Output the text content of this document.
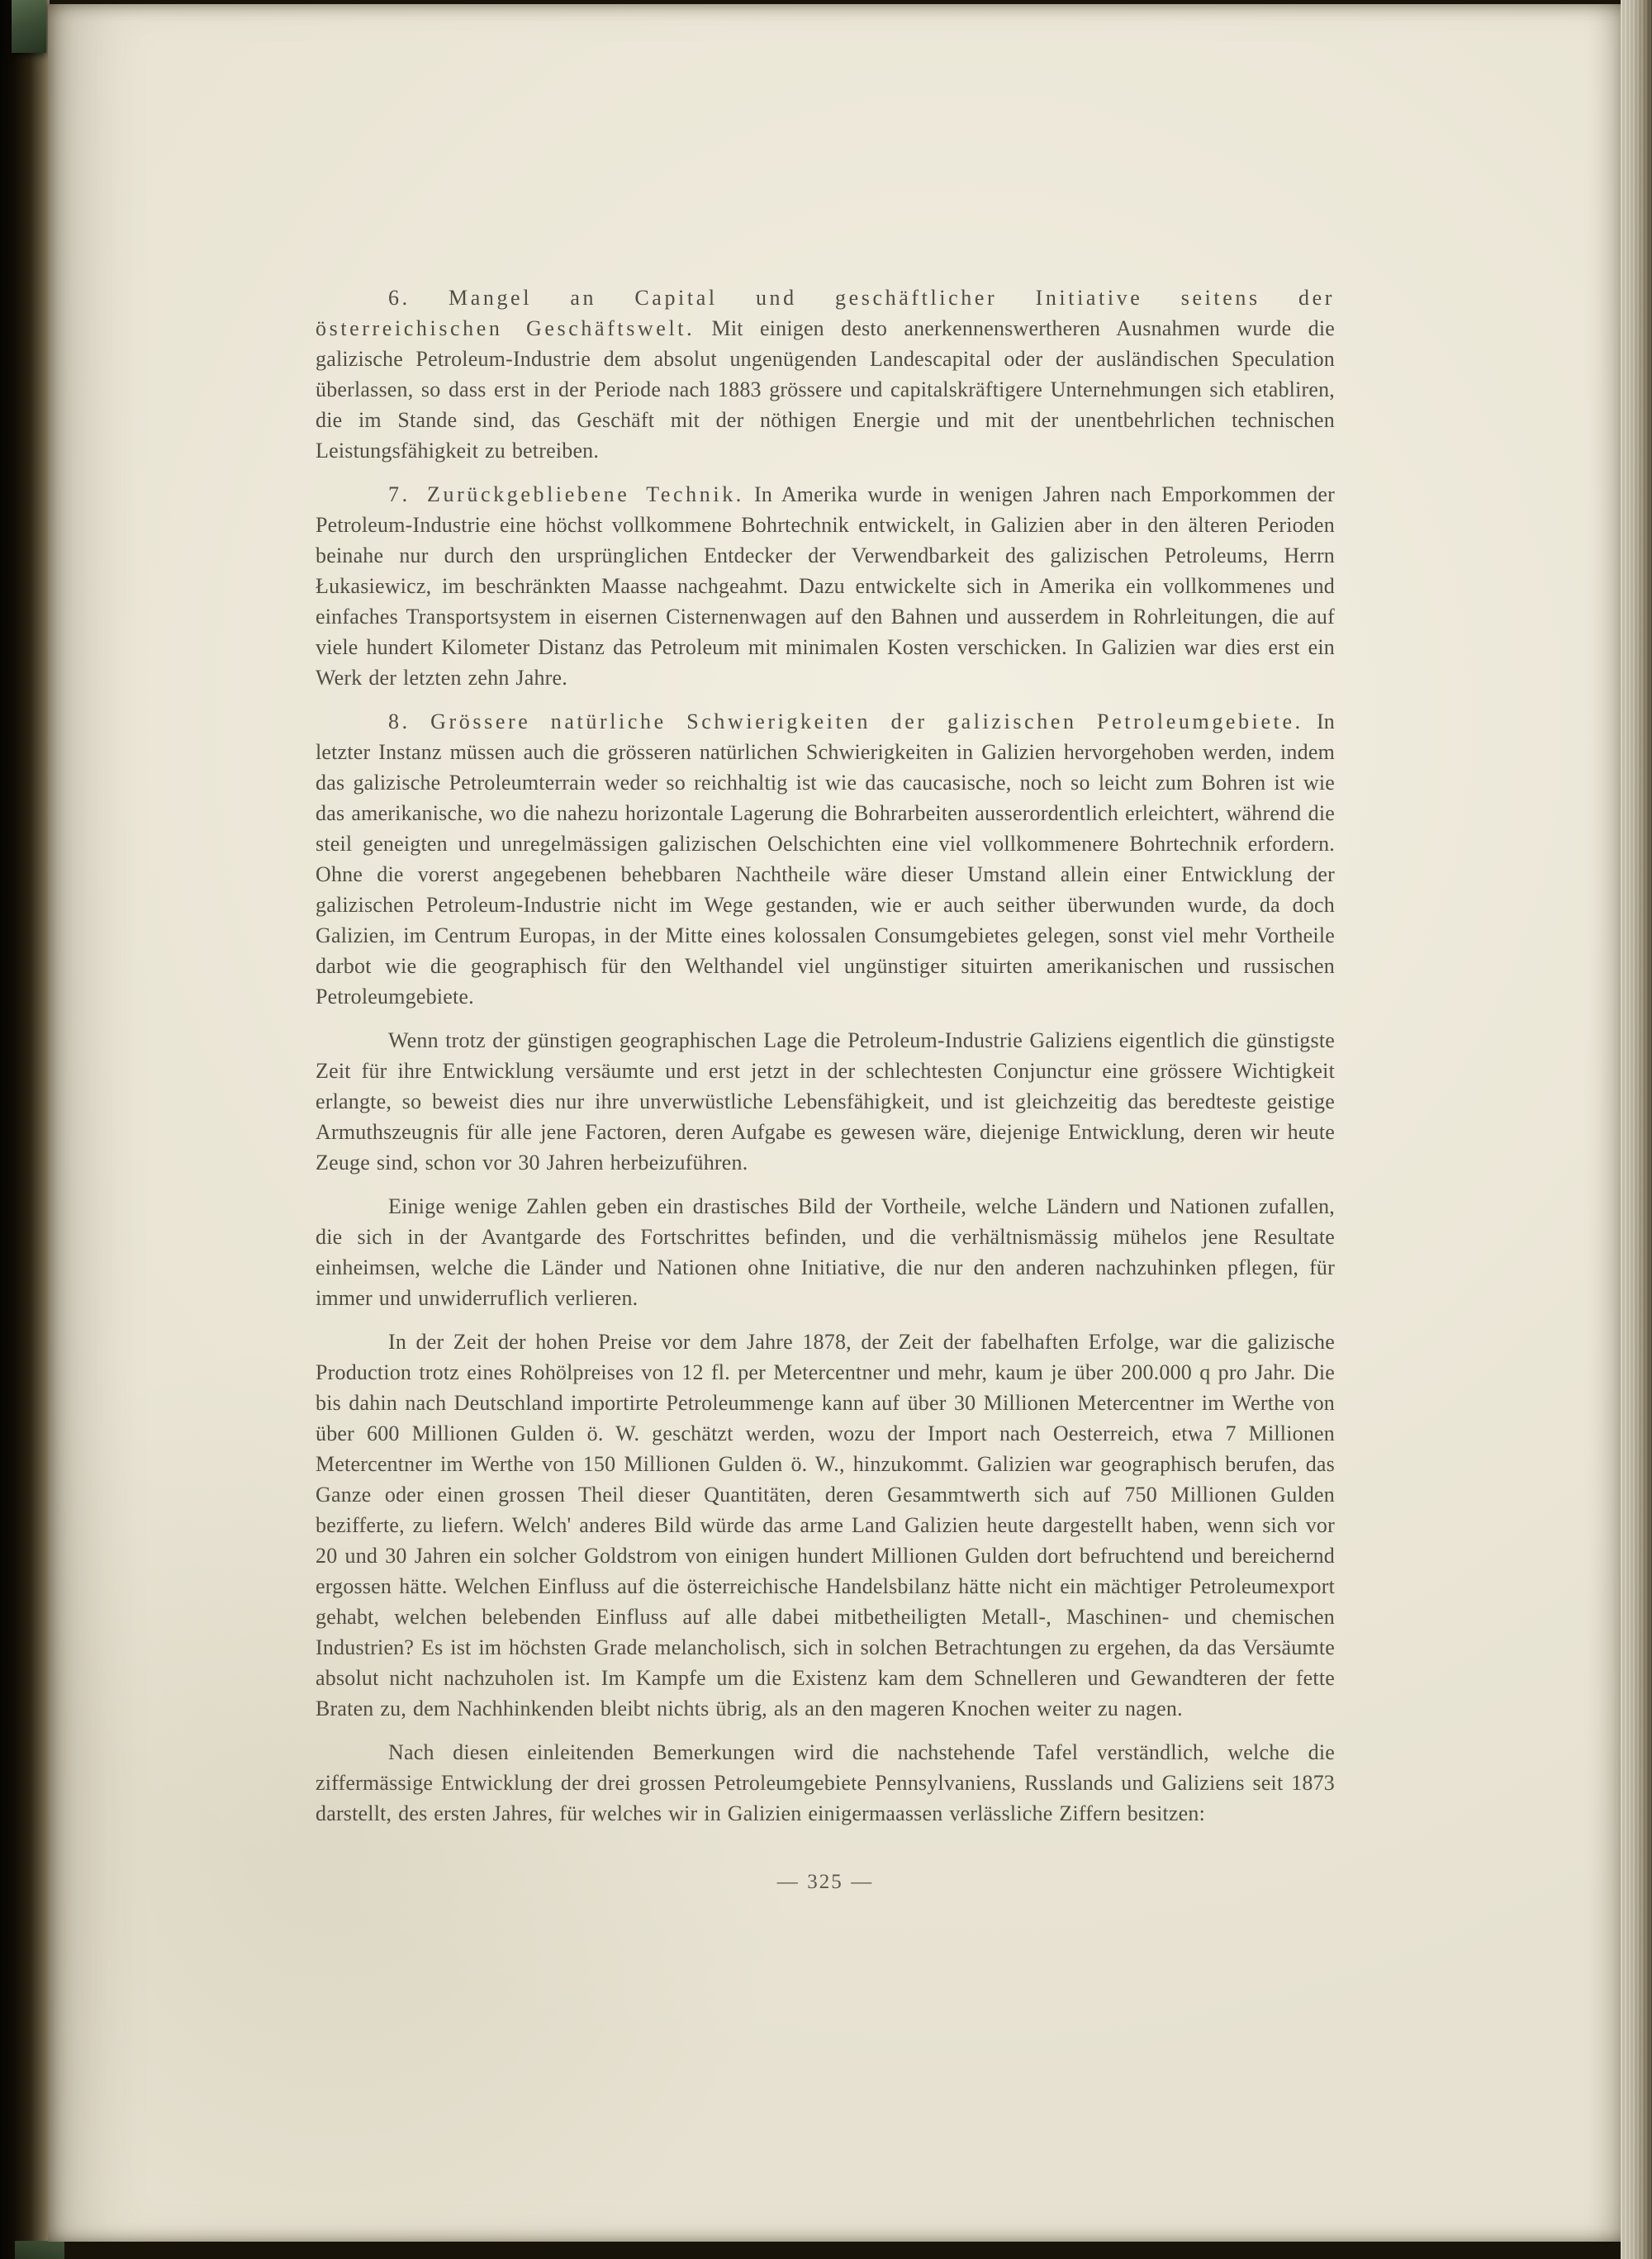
6. Mangel an Capital und geschäftlicher Initiative seitens der österreichischen Geschäftswelt. Mit einigen desto anerkennenswertheren Ausnahmen wurde die galizische Petroleum-Industrie dem absolut ungenügenden Landescapital oder der ausländischen Speculation überlassen, so dass erst in der Periode nach 1883 grössere und capitalskräftigere Unternehmungen sich etabliren, die im Stande sind, das Geschäft mit der nöthigen Energie und mit der unentbehrlichen technischen Leistungsfähigkeit zu betreiben.

7. Zurückgebliebene Technik. In Amerika wurde in wenigen Jahren nach Emporkommen der Petroleum-Industrie eine höchst vollkommene Bohrtechnik entwickelt, in Galizien aber in den älteren Perioden beinahe nur durch den ursprünglichen Entdecker der Verwendbarkeit des galizischen Petroleums, Herrn Łukasiewicz, im beschränkten Maasse nachgeahmt. Dazu entwickelte sich in Amerika ein vollkommenes und einfaches Transportsystem in eisernen Cisternenwagen auf den Bahnen und ausserdem in Rohrleitungen, die auf viele hundert Kilometer Distanz das Petroleum mit minimalen Kosten verschicken. In Galizien war dies erst ein Werk der letzten zehn Jahre.

8. Grössere natürliche Schwierigkeiten der galizischen Petroleumgebiete. In letzter Instanz müssen auch die grösseren natürlichen Schwierigkeiten in Galizien hervorgehoben werden, indem das galizische Petroleumterrain weder so reichhaltig ist wie das caucasische, noch so leicht zum Bohren ist wie das amerikanische, wo die nahezu horizontale Lagerung die Bohrarbeiten ausserordentlich erleichtert, während die steil geneigten und unregelmässigen galizischen Oelschichten eine viel vollkommenere Bohrtechnik erfordern. Ohne die vorerst angegebenen behebbaren Nachtheile wäre dieser Umstand allein einer Entwicklung der galizischen Petroleum-Industrie nicht im Wege gestanden, wie er auch seither überwunden wurde, da doch Galizien, im Centrum Europas, in der Mitte eines kolossalen Consumgebietes gelegen, sonst viel mehr Vortheile darbot wie die geographisch für den Welthandel viel ungünstiger situirten amerikanischen und russischen Petroleumgebiete.

Wenn trotz der günstigen geographischen Lage die Petroleum-Industrie Galiziens eigentlich die günstigste Zeit für ihre Entwicklung versäumte und erst jetzt in der schlechtesten Conjunctur eine grössere Wichtigkeit erlangte, so beweist dies nur ihre unverwüstliche Lebensfähigkeit, und ist gleichzeitig das beredteste geistige Armuthszeugnis für alle jene Factoren, deren Aufgabe es gewesen wäre, diejenige Entwicklung, deren wir heute Zeuge sind, schon vor 30 Jahren herbeizuführen.

Einige wenige Zahlen geben ein drastisches Bild der Vortheile, welche Ländern und Nationen zufallen, die sich in der Avantgarde des Fortschrittes befinden, und die verhältnismässig mühelos jene Resultate einheimsen, welche die Länder und Nationen ohne Initiative, die nur den anderen nachzuhinken pflegen, für immer und unwiderruflich verlieren.

In der Zeit der hohen Preise vor dem Jahre 1878, der Zeit der fabelhaften Erfolge, war die galizische Production trotz eines Rohölpreises von 12 fl. per Metercentner und mehr, kaum je über 200.000 q pro Jahr. Die bis dahin nach Deutschland importirte Petroleummenge kann auf über 30 Millionen Metercentner im Werthe von über 600 Millionen Gulden ö. W. geschätzt werden, wozu der Import nach Oesterreich, etwa 7 Millionen Metercentner im Werthe von 150 Millionen Gulden ö. W., hinzukommt. Galizien war geographisch berufen, das Ganze oder einen grossen Theil dieser Quantitäten, deren Gesammtwerth sich auf 750 Millionen Gulden bezifferte, zu liefern. Welch' anderes Bild würde das arme Land Galizien heute dargestellt haben, wenn sich vor 20 und 30 Jahren ein solcher Goldstrom von einigen hundert Millionen Gulden dort befruchtend und bereichernd ergossen hätte. Welchen Einfluss auf die österreichische Handelsbilanz hätte nicht ein mächtiger Petroleumexport gehabt, welchen belebenden Einfluss auf alle dabei mitbetheiligten Metall-, Maschinen- und chemischen Industrien? Es ist im höchsten Grade melancholisch, sich in solchen Betrachtungen zu ergehen, da das Versäumte absolut nicht nachzuholen ist. Im Kampfe um die Existenz kam dem Schnelleren und Gewandteren der fette Braten zu, dem Nachhinkenden bleibt nichts übrig, als an den mageren Knochen weiter zu nagen.

Nach diesen einleitenden Bemerkungen wird die nachstehende Tafel verständlich, welche die ziffermässige Entwicklung der drei grossen Petroleumgebiete Pennsylvaniens, Russlands und Galiziens seit 1873 darstellt, des ersten Jahres, für welches wir in Galizien einigermaassen verlässliche Ziffern besitzen:

— 325 —
